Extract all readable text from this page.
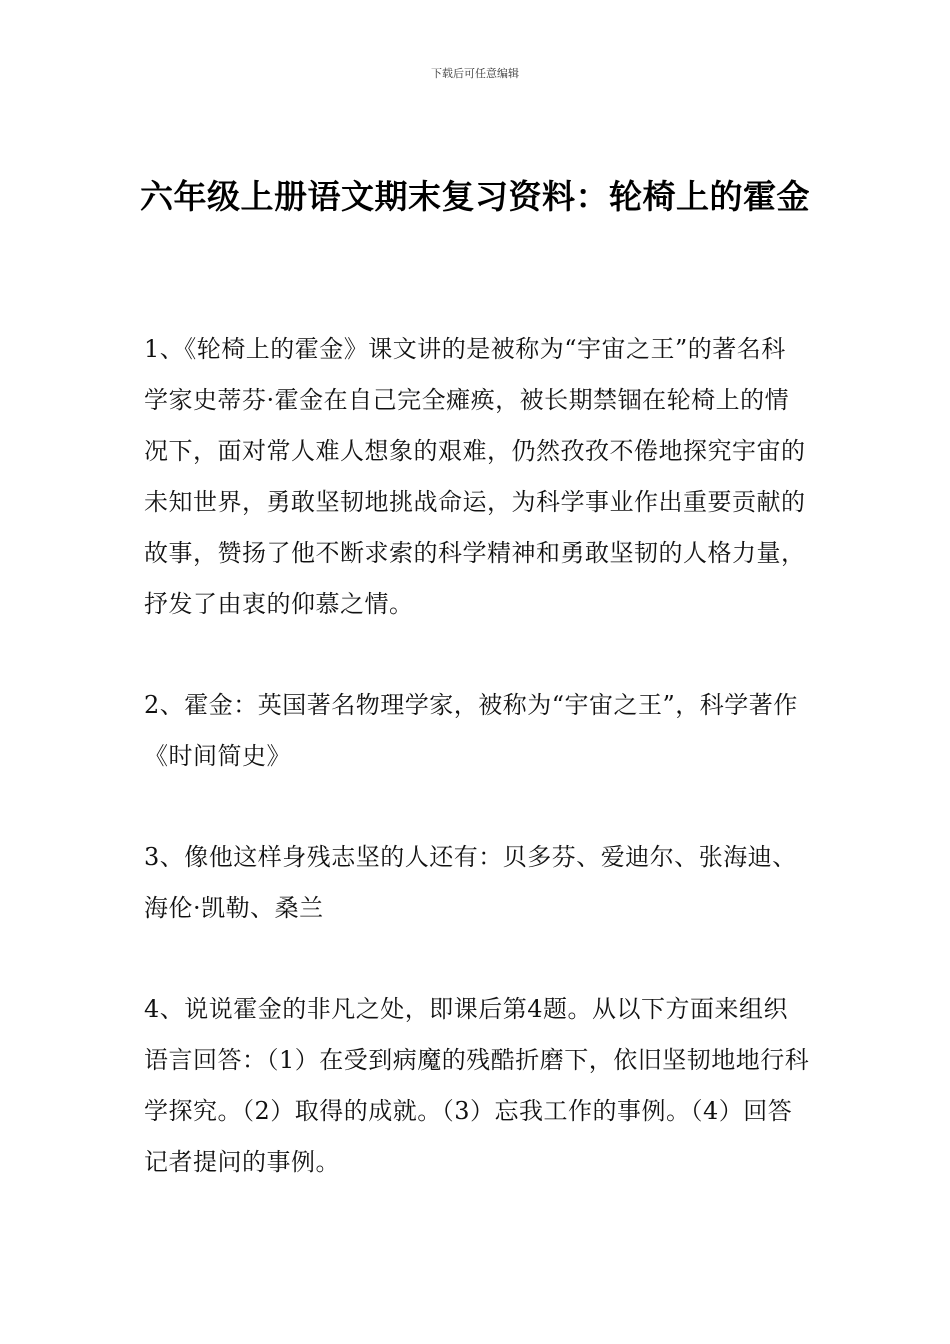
下载后可任意编辑
六年级上册语文期末复习资料：轮椅上的霍金

1、《轮椅上的霍金》课文讲的是被称为“宇宙之王”的著名科学家史蒂芬·霍金在自己完全瘫痪，被长期禁锢在轮椅上的情况下，面对常人难人想象的艰难，仍然孜孜不倦地探究宇宙的未知世界，勇敢坚韧地挑战命运，为科学事业作出重要贡献的故事，赞扬了他不断求索的科学精神和勇敢坚韧的人格力量，抒发了由衷的仰慕之情。

2、霍金：英国著名物理学家，被称为“宇宙之王”，科学著作《时间简史》

3、像他这样身残志坚的人还有：贝多芬、爱迪尔、张海迪、海伦·凯勒、桑兰

4、说说霍金的非凡之处，即课后第4题。从以下方面来组织语言回答：（1）在受到病魔的残酷折磨下，依旧坚韧地地行科学探究。（2）取得的成就。（3）忘我工作的事例。（4）回答记者提问的事例。
